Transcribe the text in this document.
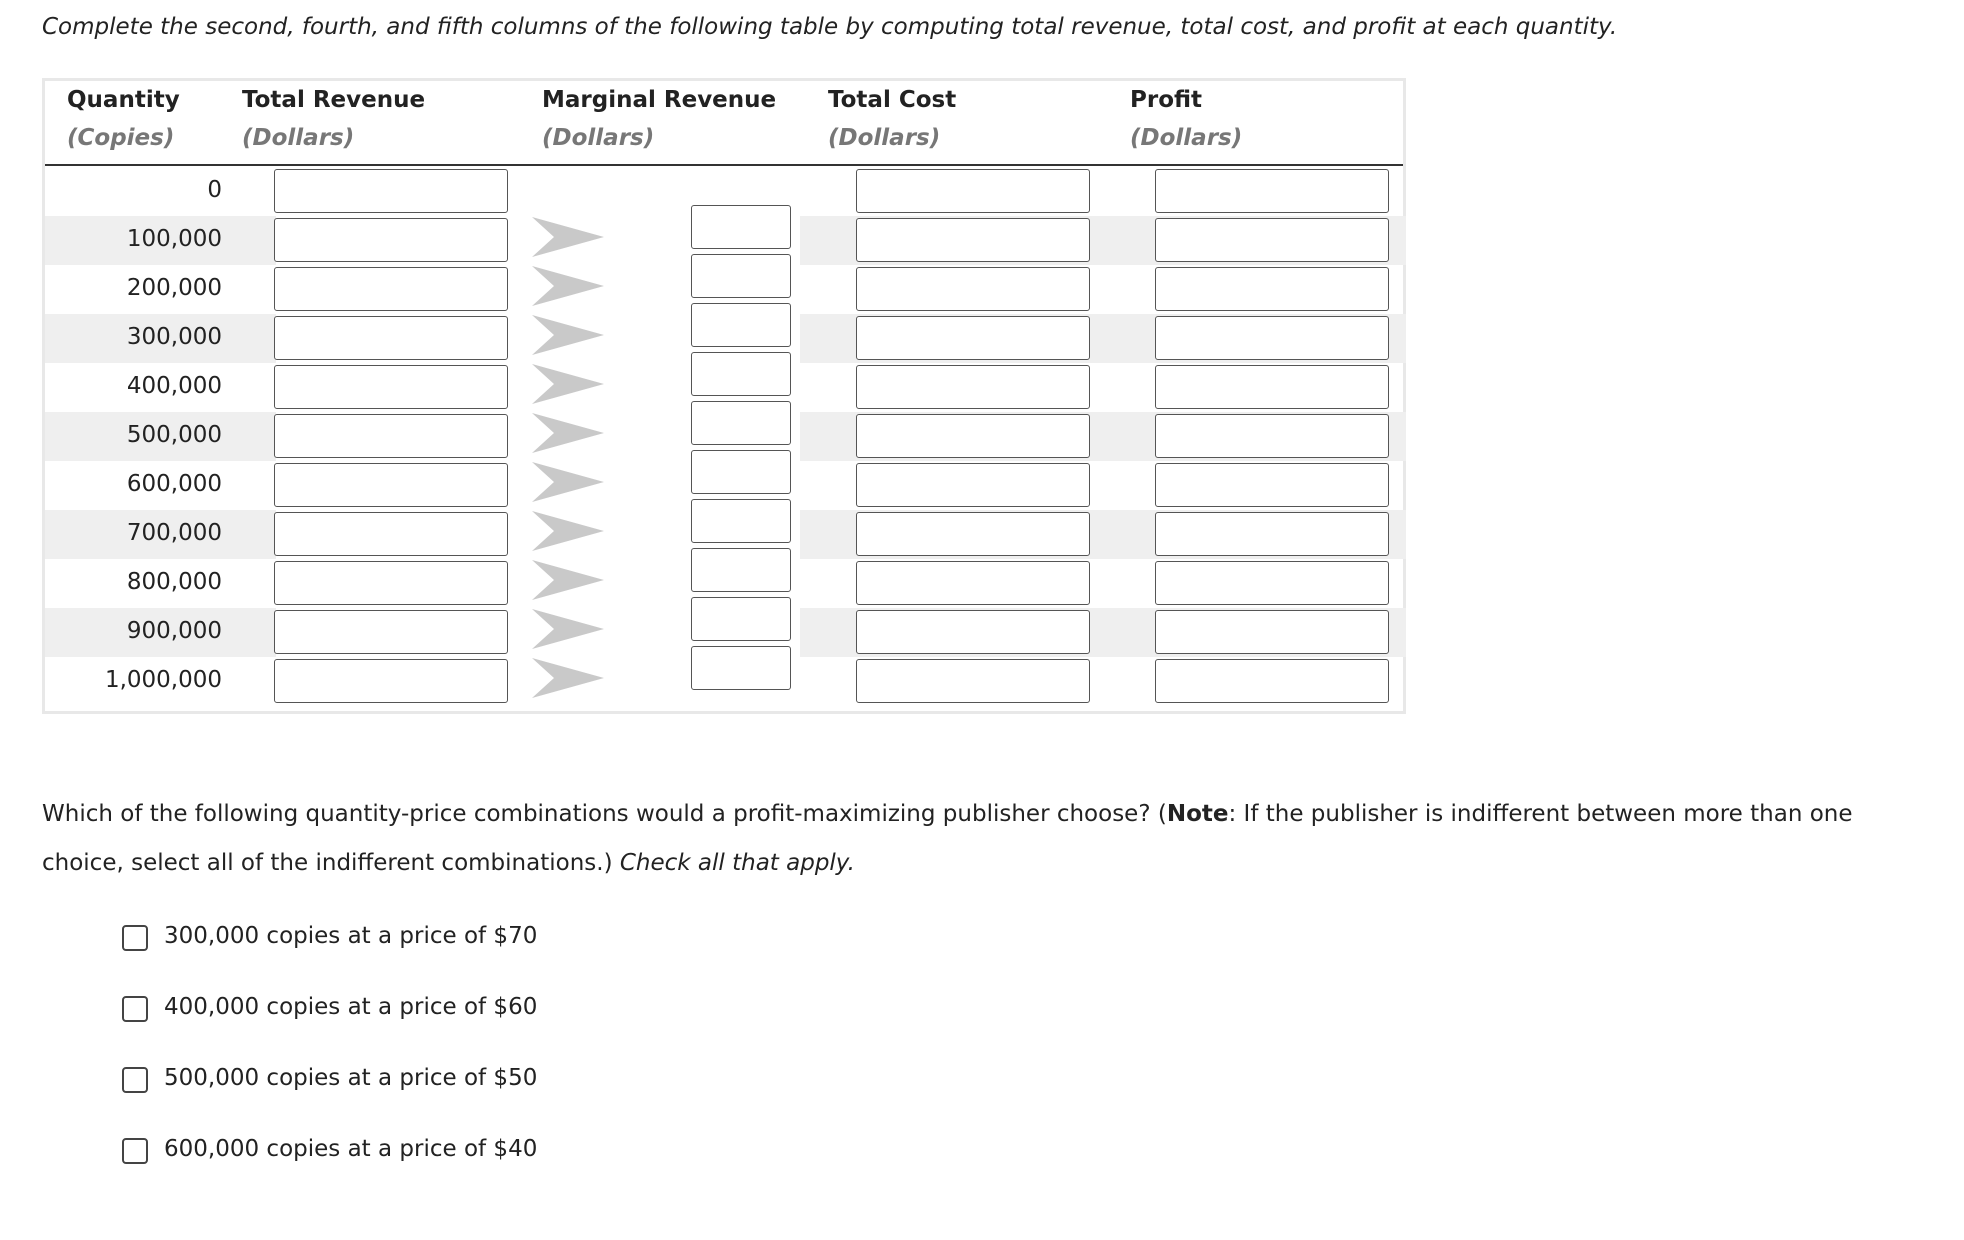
Complete the second, fourth, and fifth columns of the following table by computing total revenue, total cost, and profit at each quantity.
Quantity
(Copies)
Total Revenue
(Dollars)
Marginal Revenue
(Dollars)
Total Cost
(Dollars)
Profit
(Dollars)
0
100,000
200,000
300,000
400,000
500,000
600,000
700,000
800,000
900,000
1,000,000
Which of the following quantity-price combinations would a profit-maximizing publisher choose? (Note: If the publisher is indifferent between more than one choice, select all of the indifferent combinations.) Check all that apply.
300,000 copies at a price of $70
400,000 copies at a price of $60
500,000 copies at a price of $50
600,000 copies at a price of $40
